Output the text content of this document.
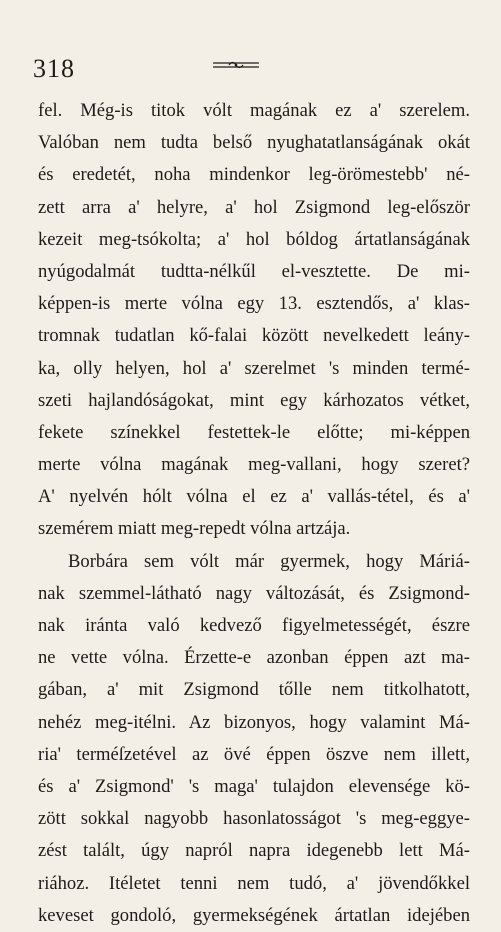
318
fel. Még-is titok vólt magának ez a' szerelem.
Valóban nem tudta belső nyughatatlanságának okát
és eredetét, noha mindenkor leg-örömestebb' né-
zett arra a' helyre, a' hol Zsigmond leg-először
kezeit meg-tsókolta; a' hol bóldog ártatlanságának
nyúgodalmát tudtta-nélkűl el-vesztette. De mi-
képpen-is merte vólna egy 13. esztendős, a' klas-
tromnak tudatlan kő-falai között nevelkedett leány-
ka, olly helyen, hol a' szerelmet 's minden termé-
szeti hajlandóságokat, mint egy kárhozatos vétket,
fekete színekkel festettek-le előtte; mi-képpen
merte vólna magának meg-vallani, hogy szeret?
A' nyelvén hólt vólna el ez a' vallás-tétel, és a'
szemérem miatt meg-repedt vólna artzája.
Borbára sem vólt már gyermek, hogy Máriá-
nak szemmel-látható nagy változását, és Zsigmond-
nak iránta való kedvező figyelmetességét, észre
ne vette vólna. Érzette-e azonban éppen azt ma-
gában, a' mit Zsigmond tőlle nem titkolhatott,
nehéz meg-itélni. Az bizonyos, hogy valamint Má-
ria' terméſzetével az övé éppen öszve nem illett,
és a' Zsigmond' 's maga' tulajdon elevensége kö-
zött sokkal nagyobb hasonlatosságot 's meg-eggye-
zést talált, úgy napról napra idegenebb lett Má-
riához. Itéletet tenni nem tudó, a' jövendőkkel
keveset gondoló, gyermekségének ártatlan idejében
